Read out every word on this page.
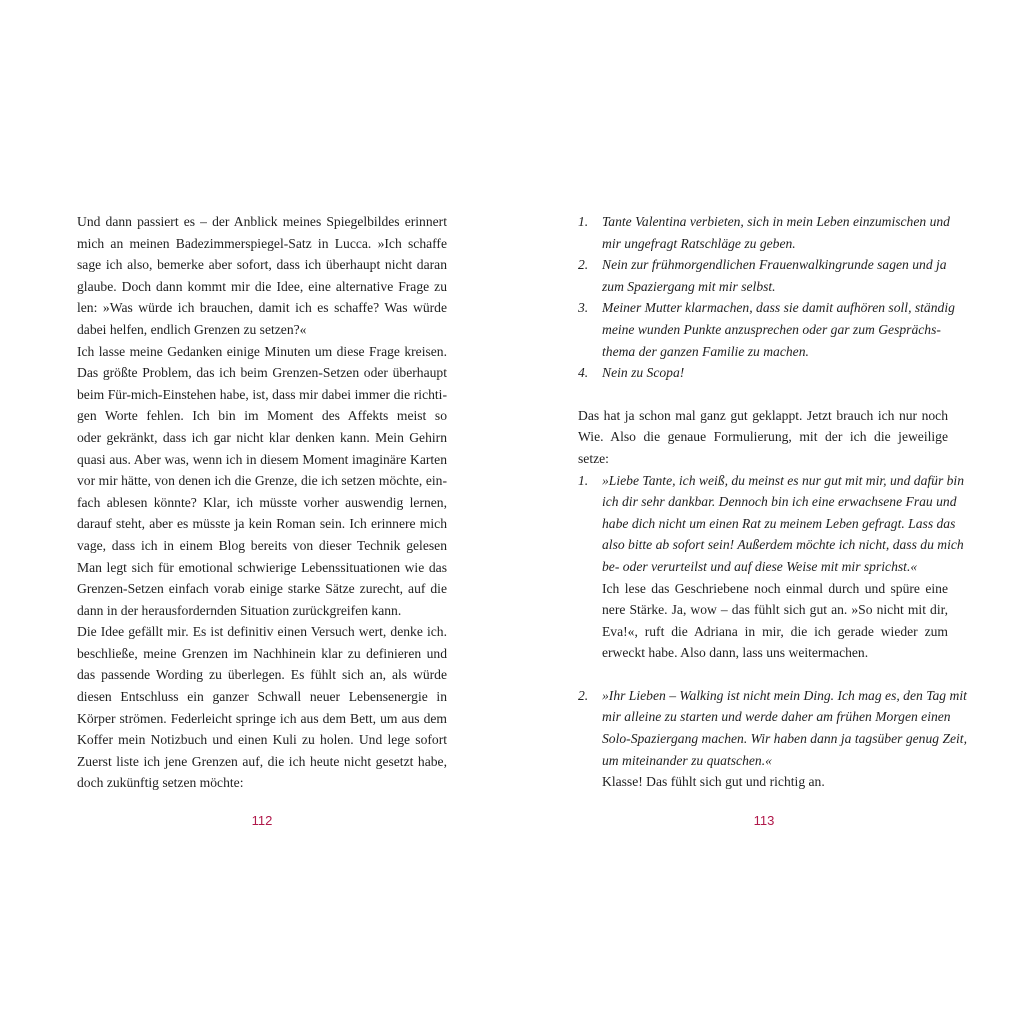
Und dann passiert es – der Anblick meines Spiegelbildes erinnert
mich an meinen Badezimmerspiegel-Satz in Lucca. »Ich schaffe
sage ich also, bemerke aber sofort, dass ich überhaupt nicht daran
glaube. Doch dann kommt mir die Idee, eine alternative Frage zu
len: »Was würde ich brauchen, damit ich es schaffe? Was würde
dabei helfen, endlich Grenzen zu setzen?«
Ich lasse meine Gedanken einige Minuten um diese Frage kreisen.
Das größte Problem, das ich beim Grenzen-Setzen oder überhaupt
beim Für-mich-Einstehen habe, ist, dass mir dabei immer die richti-
gen Worte fehlen. Ich bin im Moment des Affekts meist so
oder gekränkt, dass ich gar nicht klar denken kann. Mein Gehirn
quasi aus. Aber was, wenn ich in diesem Moment imaginäre Karten
vor mir hätte, von denen ich die Grenze, die ich setzen möchte, ein-
fach ablesen könnte? Klar, ich müsste vorher auswendig lernen,
darauf steht, aber es müsste ja kein Roman sein. Ich erinnere mich
vage, dass ich in einem Blog bereits von dieser Technik gelesen
Man legt sich für emotional schwierige Lebenssituationen wie das
Grenzen-Setzen einfach vorab einige starke Sätze zurecht, auf die
dann in der herausfordernden Situation zurückgreifen kann.
Die Idee gefällt mir. Es ist definitiv einen Versuch wert, denke ich.
beschließe, meine Grenzen im Nachhinein klar zu definieren und
das passende Wording zu überlegen. Es fühlt sich an, als würde
diesen Entschluss ein ganzer Schwall neuer Lebensenergie in
Körper strömen. Federleicht springe ich aus dem Bett, um aus dem
Koffer mein Notizbuch und einen Kuli zu holen. Und lege sofort
Zuerst liste ich jene Grenzen auf, die ich heute nicht gesetzt habe,
doch zukünftig setzen möchte:
112
1. Tante Valentina verbieten, sich in mein Leben einzumischen und
mir ungefragt Ratschläge zu geben.
2. Nein zur frühmorgendlichen Frauenwalkingrunde sagen und ja
zum Spaziergang mit mir selbst.
3. Meiner Mutter klarmachen, dass sie damit aufhören soll, ständig
meine wunden Punkte anzusprechen oder gar zum Gesprächs-
thema der ganzen Familie zu machen.
4. Nein zu Scopa!
Das hat ja schon mal ganz gut geklappt. Jetzt brauch ich nur noch
Wie. Also die genaue Formulierung, mit der ich die jeweilige
setze:
1. »Liebe Tante, ich weiß, du meinst es nur gut mit mir, und dafür bin
ich dir sehr dankbar. Dennoch bin ich eine erwachsene Frau und
habe dich nicht um einen Rat zu meinem Leben gefragt. Lass das
also bitte ab sofort sein! Außerdem möchte ich nicht, dass du mich
be- oder verurteilst und auf diese Weise mit mir sprichst.«
Ich lese das Geschriebene noch einmal durch und spüre eine
nere Stärke. Ja, wow – das fühlt sich gut an. »So nicht mit dir,
Eva!«, ruft die Adriana in mir, die ich gerade wieder zum
erweckt habe. Also dann, lass uns weitermachen.
2. »Ihr Lieben – Walking ist nicht mein Ding. Ich mag es, den Tag mit
mir alleine zu starten und werde daher am frühen Morgen einen
Solo-Spaziergang machen. Wir haben dann ja tagsüber genug Zeit,
um miteinander zu quatschen.«
Klasse! Das fühlt sich gut und richtig an.
113
